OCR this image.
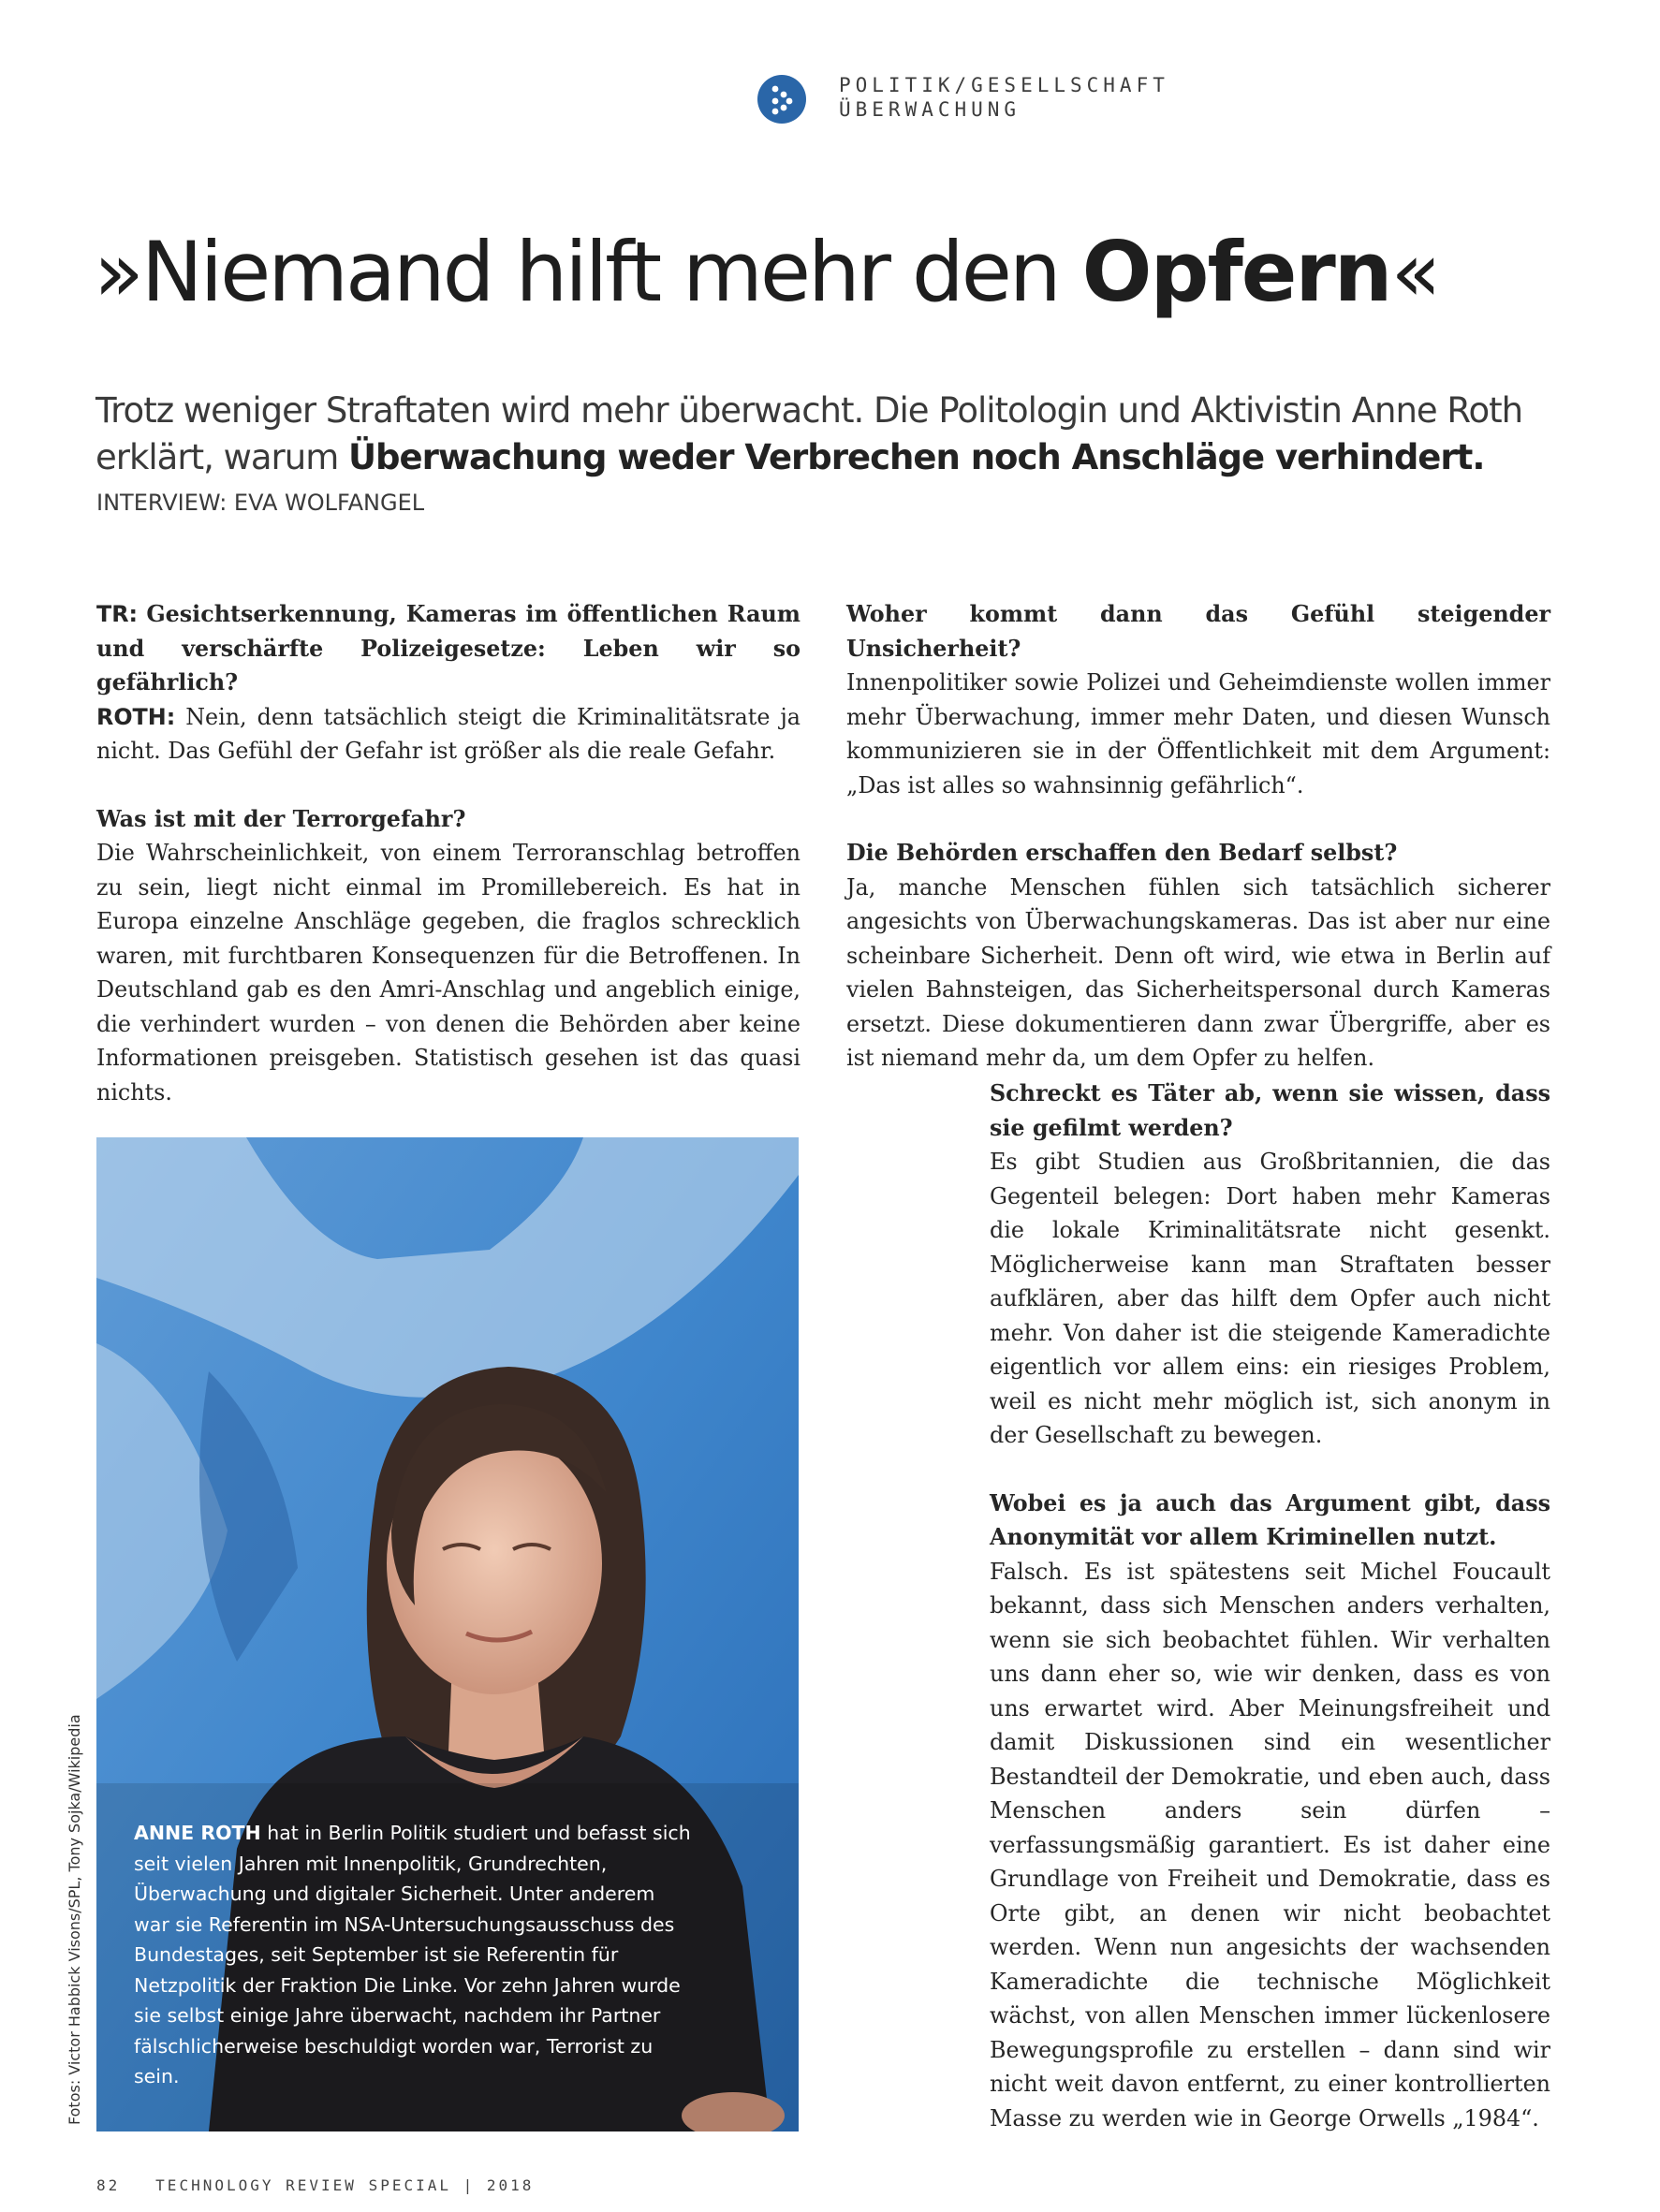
POLITIK/GESELLSCHAFT
ÜBERWACHUNG
»Niemand hilft mehr den Opfern«
Trotz weniger Straftaten wird mehr überwacht. Die Politologin und Aktivistin Anne Roth erklärt, warum Überwachung weder Verbrechen noch Anschläge verhindert.
INTERVIEW: EVA WOLFANGEL

TR: Gesichtserkennung, Kameras im öffentlichen Raum und verschärfte Polizeigesetze: Leben wir so gefährlich?
ROTH: Nein, denn tatsächlich steigt die Kriminalitätsrate ja nicht. Das Gefühl der Gefahr ist größer als die reale Gefahr.

Was ist mit der Terrorgefahr?
Die Wahrscheinlichkeit, von einem Terroranschlag betroffen zu sein, liegt nicht einmal im Promillebereich. Es hat in Europa einzelne Anschläge gegeben, die fraglos schrecklich waren, mit furchtbaren Konsequenzen für die Betroffenen. In Deutschland gab es den Amri-Anschlag und angeblich einige, die verhindert wurden – von denen die Behörden aber keine Informationen preisgeben. Statistisch gesehen ist das quasi nichts.

Woher kommt dann das Gefühl steigender Unsicherheit?
Innenpolitiker sowie Polizei und Geheimdienste wollen immer mehr Überwachung, immer mehr Daten, und diesen Wunsch kommunizieren sie in der Öffentlichkeit mit dem Argument: „Das ist alles so wahnsinnig gefährlich“.

Die Behörden erschaffen den Bedarf selbst?
Ja, manche Menschen fühlen sich tatsächlich sicherer angesichts von Überwachungskameras. Das ist aber nur eine scheinbare Sicherheit. Denn oft wird, wie etwa in Berlin auf vielen Bahnsteigen, das Sicherheitspersonal durch Kameras ersetzt. Diese dokumentieren dann zwar Übergriffe, aber es ist niemand mehr da, um dem Opfer zu helfen.

Schreckt es Täter ab, wenn sie wissen, dass sie gefilmt werden?
Es gibt Studien aus Großbritannien, die das Gegenteil belegen: Dort haben mehr Kameras die lokale Kriminalitätsrate nicht gesenkt. Möglicherweise kann man Straftaten besser aufklären, aber das hilft dem Opfer auch nicht mehr. Von daher ist die steigende Kameradichte eigentlich vor allem eins: ein riesiges Problem, weil es nicht mehr möglich ist, sich anonym in der Gesellschaft zu bewegen.

Wobei es ja auch das Argument gibt, dass Anonymität vor allem Kriminellen nutzt.
Falsch. Es ist spätestens seit Michel Foucault bekannt, dass sich Menschen anders verhalten, wenn sie sich beobachtet fühlen. Wir verhalten uns dann eher so, wie wir denken, dass es von uns erwartet wird. Aber Meinungsfreiheit und damit Diskussionen sind ein wesentlicher Bestandteil der Demokratie, und eben auch, dass Menschen anders sein dürfen – verfassungsmäßig garantiert. Es ist daher eine Grundlage von Freiheit und Demokratie, dass es Orte gibt, an denen wir nicht beobachtet werden. Wenn nun angesichts der wachsenden Kameradichte die technische Möglichkeit wächst, von allen Menschen immer lückenlosere Bewegungsprofile zu erstellen – dann sind wir nicht weit davon entfernt, zu einer kontrollierten Masse zu werden wie in George Orwells „1984“.

ANNE ROTH hat in Berlin Politik studiert und befasst sich seit vielen Jahren mit Innenpolitik, Grundrechten, Überwachung und digitaler Sicherheit. Unter anderem war sie Referentin im NSA-Untersuchungsausschuss des Bundestages, seit September ist sie Referentin für Netzpolitik der Fraktion Die Linke. Vor zehn Jahren wurde sie selbst einige Jahre überwacht, nachdem ihr Partner fälschlicherweise beschuldigt worden war, Terrorist zu sein.
Fotos: Victor Habbick Visons/SPL, Tony Sojka/Wikipedia
82 TECHNOLOGY REVIEW SPECIAL | 2018
